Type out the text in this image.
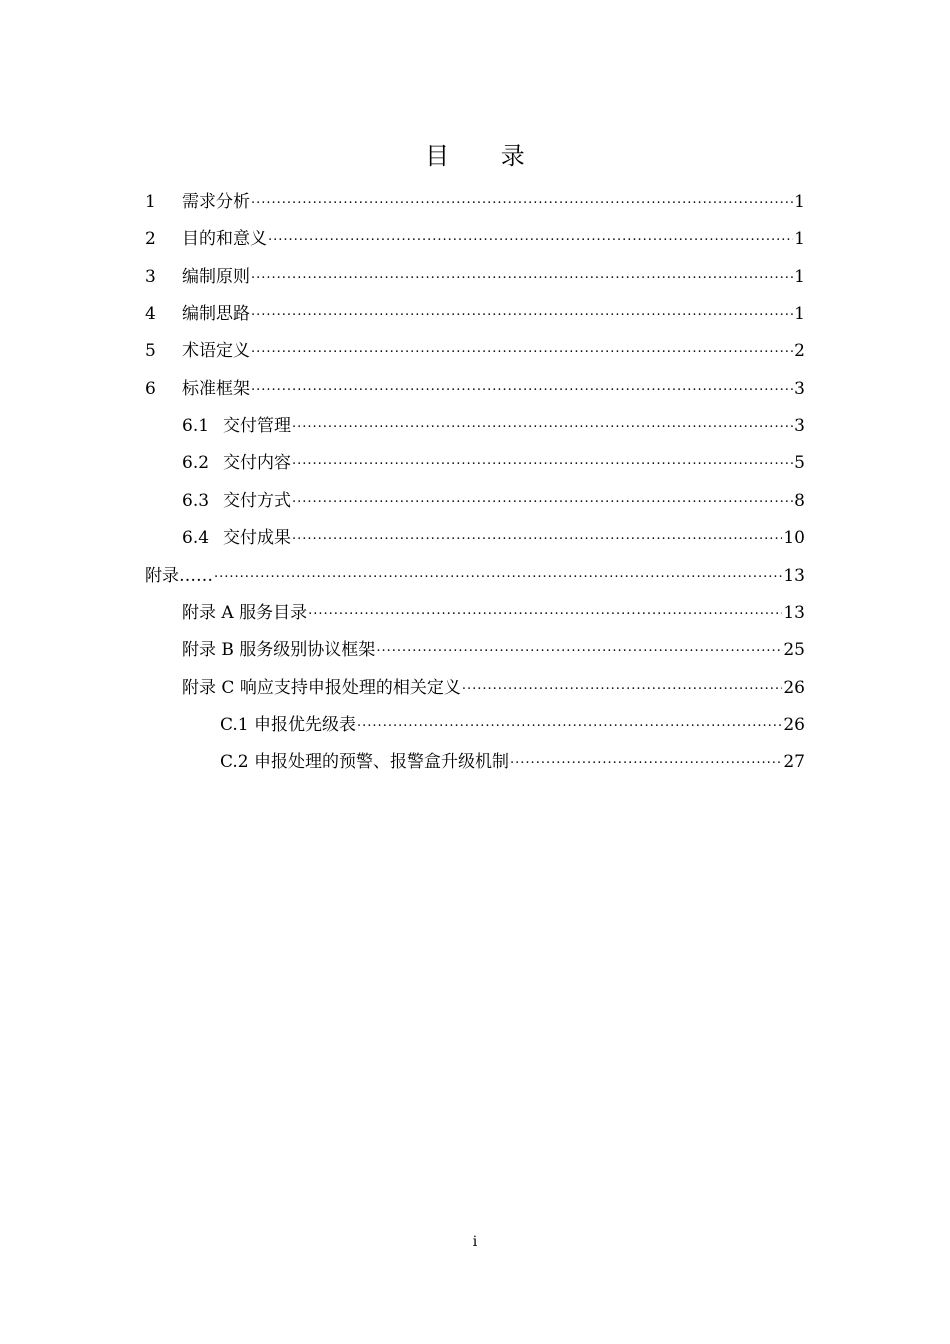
目 录
1	需求分析 .....	1
2	目的和意义 .....	1
3	编制原则 .....	1
4	编制思路 .....	1
5	术语定义 .....	2
6	标准框架 .....	3
6.1 交付管理 .....	3
6.2 交付内容 .....	5
6.3 交付方式 .....	8
6.4 交付成果 .....	10
附录…… .....	13
附录 A 服务目录 .....	13
附录 B 服务级别协议框架 .....	25
附录 C 响应支持申报处理的相关定义 .....	26
C.1 申报优先级表 .....	26
C.2 申报处理的预警、报警盒升级机制 .....	27
i
